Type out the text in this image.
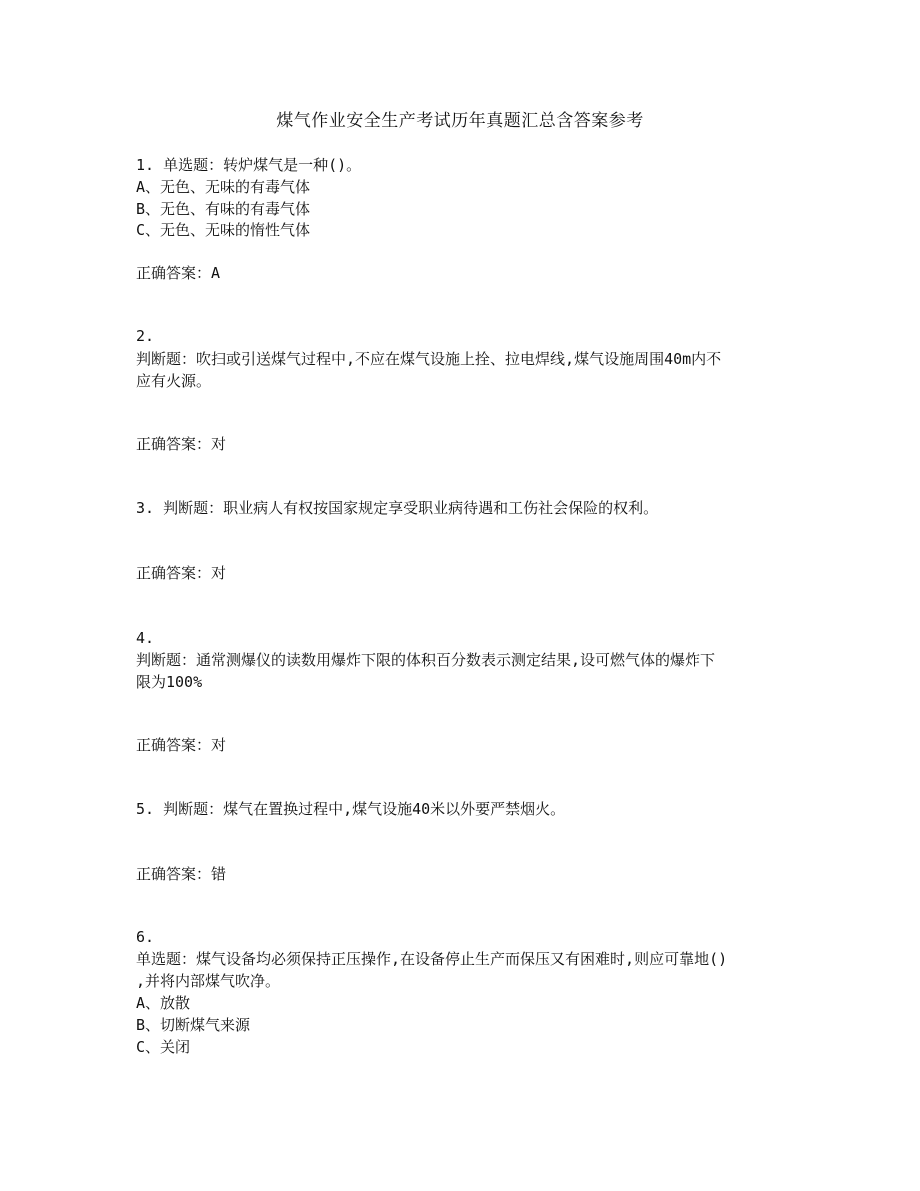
煤气作业安全生产考试历年真题汇总含答案参考
1. 单选题：转炉煤气是一种()。
A、无色、无味的有毒气体
B、无色、有味的有毒气体
C、无色、无味的惰性气体
正确答案：A
2.
判断题：吹扫或引送煤气过程中,不应在煤气设施上拴、拉电焊线,煤气设施周围40m内不
应有火源。
正确答案：对
3. 判断题：职业病人有权按国家规定享受职业病待遇和工伤社会保险的权利。
正确答案：对
4.
判断题：通常测爆仪的读数用爆炸下限的体积百分数表示测定结果,设可燃气体的爆炸下
限为100%
正确答案：对
5. 判断题：煤气在置换过程中,煤气设施40米以外要严禁烟火。
正确答案：错
6.
单选题：煤气设备均必须保持正压操作,在设备停止生产而保压又有困难时,则应可靠地()
,并将内部煤气吹净。
A、放散
B、切断煤气来源
C、关闭
